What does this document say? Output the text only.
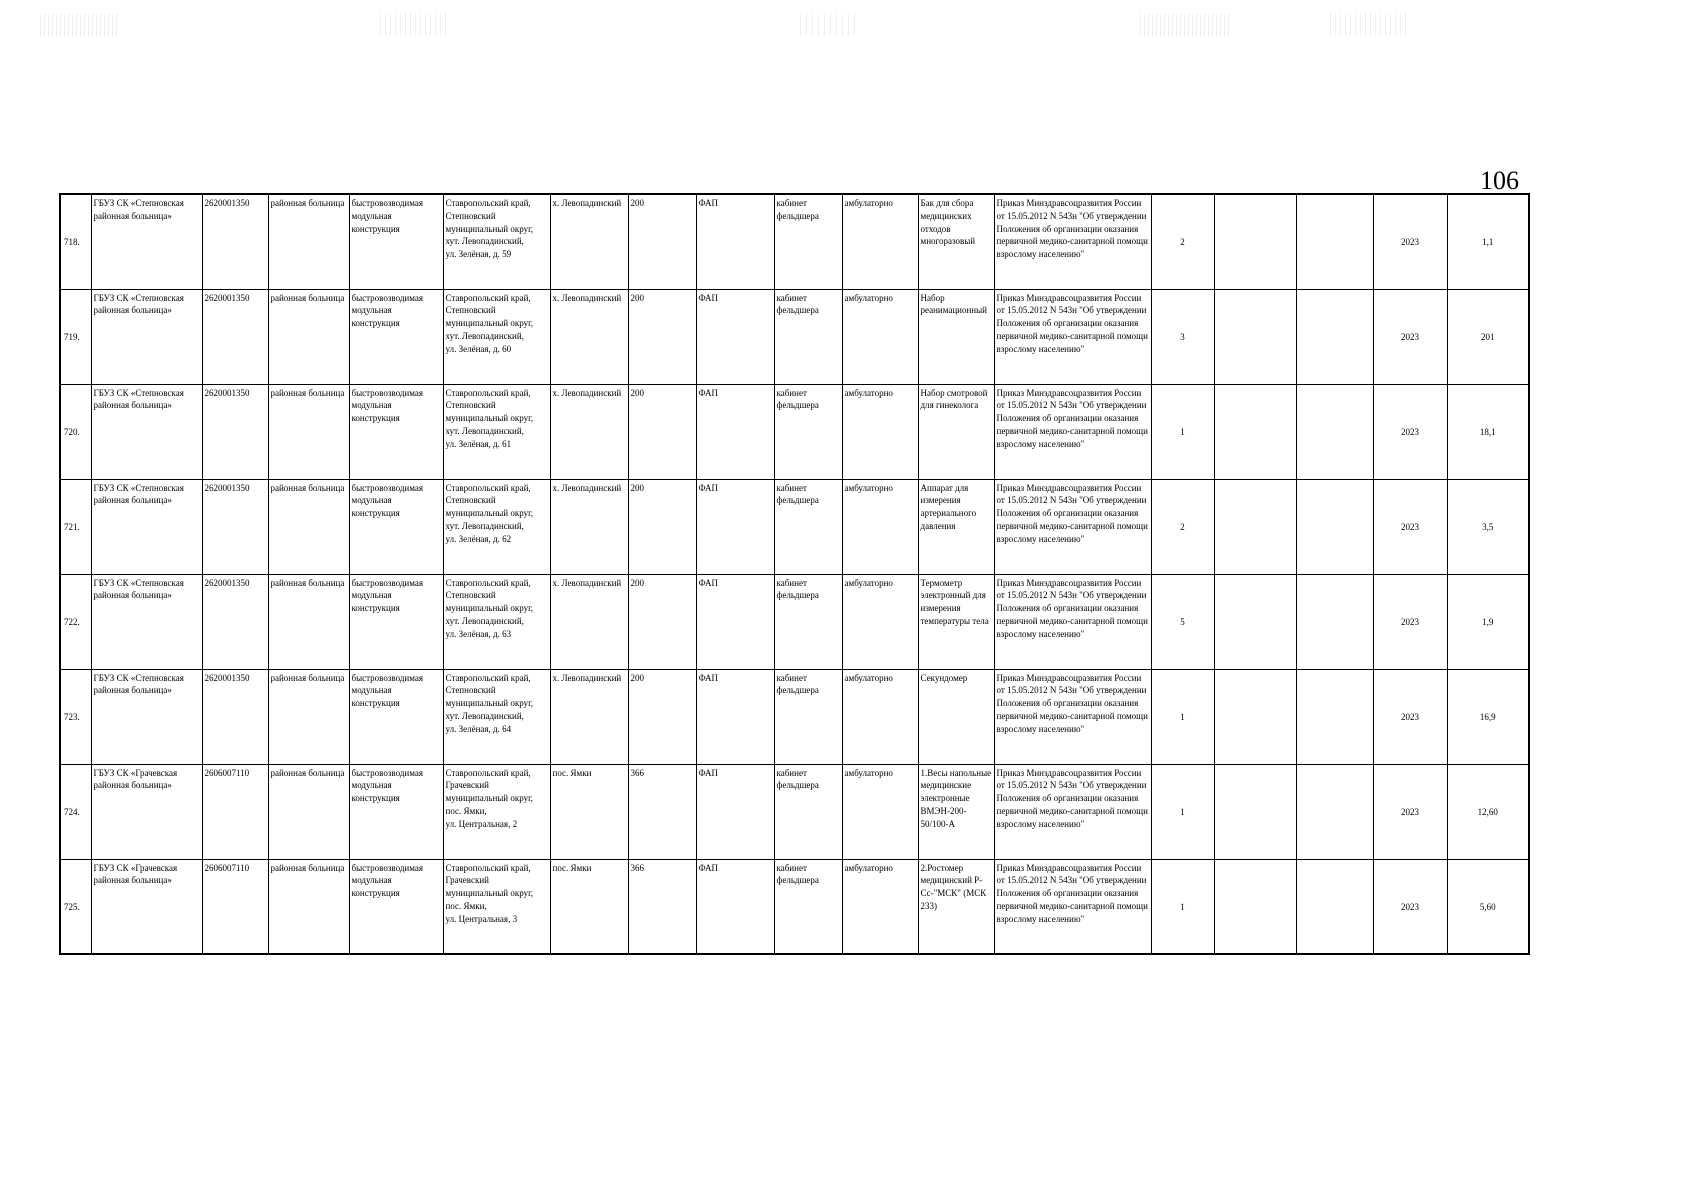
106
718.	ГБУЗ СК «Степновская районная больница»	2620001350	районная больница	быстровозводимая модульная конструкция	Ставропольский край,
Степновский
муниципальный округ,
хут. Левопадинский,
ул. Зелёная, д. 59	х. Левопадинский	200	ФАП	кабинет фельдшера	амбулаторно	Бак для сбора медицинских отходов многоразовый	Приказ Минздравсоцразвития России от 15.05.2012 N 543н "Об утверждении Положения об организации оказания первичной медико-санитарной помощи взрослому населению"	2			2023	1,1
719.	ГБУЗ СК «Степновская районная больница»	2620001350	районная больница	быстровозводимая модульная конструкция	Ставропольский край,
Степновский
муниципальный округ,
хут. Левопадинский,
ул. Зелёная, д. 60	х. Левопадинский	200	ФАП	кабинет фельдшера	амбулаторно	Набор реанимационный	Приказ Минздравсоцразвития России от 15.05.2012 N 543н "Об утверждении Положения об организации оказания первичной медико-санитарной помощи взрослому населению"	3			2023	201
720.	ГБУЗ СК «Степновская районная больница»	2620001350	районная больница	быстровозводимая модульная конструкция	Ставропольский край,
Степновский
муниципальный округ,
хут. Левопадинский,
ул. Зелёная, д. 61	х. Левопадинский	200	ФАП	кабинет фельдшера	амбулаторно	Набор смотровой для гинеколога	Приказ Минздравсоцразвития России от 15.05.2012 N 543н "Об утверждении Положения об организации оказания первичной медико-санитарной помощи взрослому населению"	1			2023	18,1
721.	ГБУЗ СК «Степновская районная больница»	2620001350	районная больница	быстровозводимая модульная конструкция	Ставропольский край,
Степновский
муниципальный округ,
хут. Левопадинский,
ул. Зелёная, д. 62	х. Левопадинский	200	ФАП	кабинет фельдшера	амбулаторно	Аппарат для измерения артериального давления	Приказ Минздравсоцразвития России от 15.05.2012 N 543н "Об утверждении Положения об организации оказания первичной медико-санитарной помощи взрослому населению"	2			2023	3,5
722.	ГБУЗ СК «Степновская районная больница»	2620001350	районная больница	быстровозводимая модульная конструкция	Ставропольский край,
Степновский
муниципальный округ,
хут. Левопадинский,
ул. Зелёная, д. 63	х. Левопадинский	200	ФАП	кабинет фельдшера	амбулаторно	Термометр электронный для измерения температуры тела	Приказ Минздравсоцразвития России от 15.05.2012 N 543н "Об утверждении Положения об организации оказания первичной медико-санитарной помощи взрослому населению"	5			2023	1,9
723.	ГБУЗ СК «Степновская районная больница»	2620001350	районная больница	быстровозводимая модульная конструкция	Ставропольский край,
Степновский
муниципальный округ,
хут. Левопадинский,
ул. Зелёная, д. 64	х. Левопадинский	200	ФАП	кабинет фельдшера	амбулаторно	Секундомер	Приказ Минздравсоцразвития России от 15.05.2012 N 543н "Об утверждении Положения об организации оказания первичной медико-санитарной помощи взрослому населению"	1			2023	16,9
724.	ГБУЗ СК «Грачевская районная больница»	2606007110	районная больница	быстровозводимая модульная конструкция	Ставропольский край,
Грачевский
муниципальный округ,
пос. Ямки,
ул. Центральная, 2	пос. Ямки	366	ФАП	кабинет фельдшера	амбулаторно	1.Весы напольные медицинские электронные ВМЭН-200-50/100-А	Приказ Минздравсоцразвития России от 15.05.2012 N 543н "Об утверждении Положения об организации оказания первичной медико-санитарной помощи взрослому населению"	1			2023	12,60
725.	ГБУЗ СК «Грачевская районная больница»	2606007110	районная больница	быстровозводимая модульная конструкция	Ставропольский край,
Грачевский
муниципальный округ,
пос. Ямки,
ул. Центральная, 3	пос. Ямки	366	ФАП	кабинет фельдшера	амбулаторно	2.Ростомер медицинский Р-Сс-"МСК" (МСК 233)	Приказ Минздравсоцразвития России от 15.05.2012 N 543н "Об утверждении Положения об организации оказания первичной медико-санитарной помощи взрослому населению"	1			2023	5,60
